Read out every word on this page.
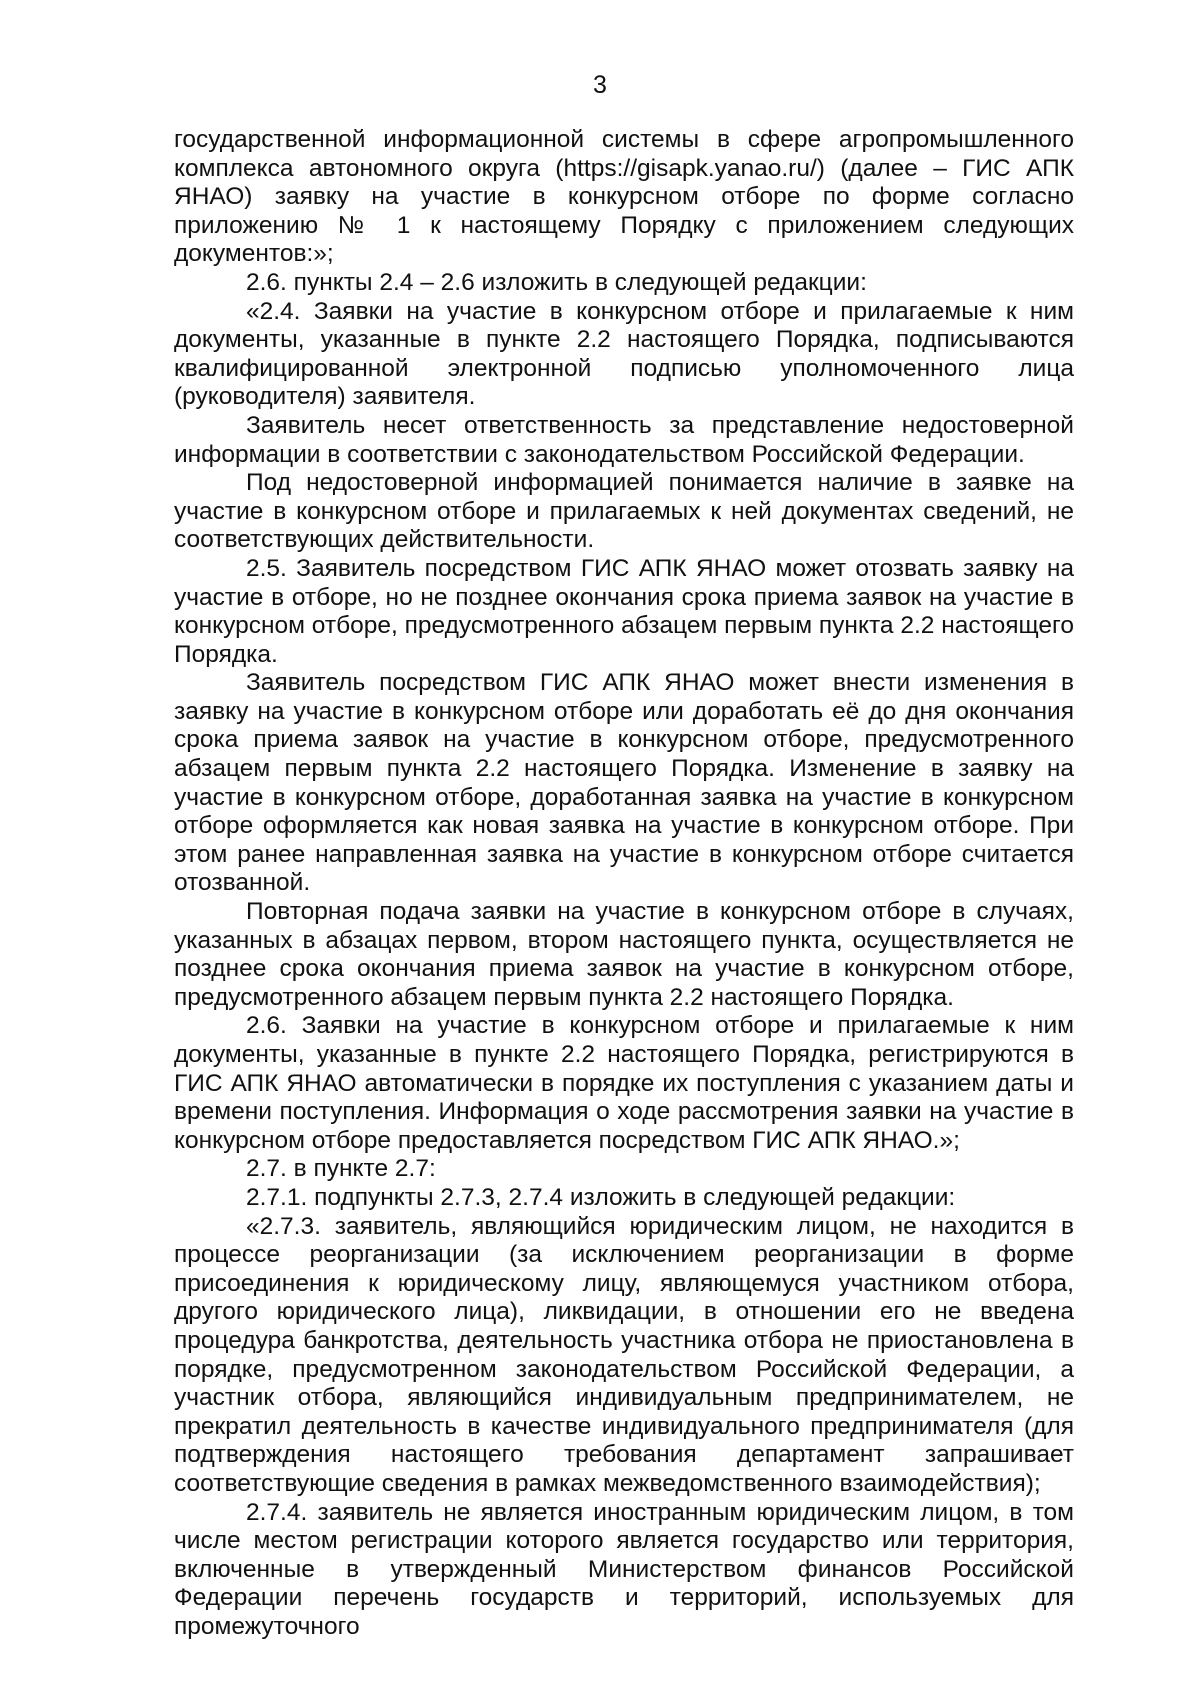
3

государственной информационной системы в сфере агропромышленного комплекса автономного округа (https://gisapk.yanao.ru/) (далее – ГИС АПК ЯНАО) заявку на участие в конкурсном отборе по форме согласно приложению № 1 к настоящему Порядку с приложением следующих документов:»;

2.6. пункты 2.4 – 2.6 изложить в следующей редакции:

«2.4. Заявки на участие в конкурсном отборе и прилагаемые к ним документы, указанные в пункте 2.2 настоящего Порядка, подписываются квалифицированной электронной подписью уполномоченного лица (руководителя) заявителя.

Заявитель несет ответственность за представление недостоверной информации в соответствии с законодательством Российской Федерации.

Под недостоверной информацией понимается наличие в заявке на участие в конкурсном отборе и прилагаемых к ней документах сведений, не соответствующих действительности.

2.5. Заявитель посредством ГИС АПК ЯНАО может отозвать заявку на участие в отборе, но не позднее окончания срока приема заявок на участие в конкурсном отборе, предусмотренного абзацем первым пункта 2.2 настоящего Порядка.

Заявитель посредством ГИС АПК ЯНАО может внести изменения в заявку на участие в конкурсном отборе или доработать её до дня окончания срока приема заявок на участие в конкурсном отборе, предусмотренного абзацем первым пункта 2.2 настоящего Порядка. Изменение в заявку на участие в конкурсном отборе, доработанная заявка на участие в конкурсном отборе оформляется как новая заявка на участие в конкурсном отборе. При этом ранее направленная заявка на участие в конкурсном отборе считается отозванной.

Повторная подача заявки на участие в конкурсном отборе в случаях, указанных в абзацах первом, втором настоящего пункта, осуществляется не позднее срока окончания приема заявок на участие в конкурсном отборе, предусмотренного абзацем первым пункта 2.2 настоящего Порядка.

2.6. Заявки на участие в конкурсном отборе и прилагаемые к ним документы, указанные в пункте 2.2 настоящего Порядка, регистрируются в ГИС АПК ЯНАО автоматически в порядке их поступления с указанием даты и времени поступления. Информация о ходе рассмотрения заявки на участие в конкурсном отборе предоставляется посредством ГИС АПК ЯНАО.»;

2.7. в пункте 2.7:

2.7.1. подпункты 2.7.3, 2.7.4 изложить в следующей редакции:

«2.7.3. заявитель, являющийся юридическим лицом, не находится в процессе реорганизации (за исключением реорганизации в форме присоединения к юридическому лицу, являющемуся участником отбора, другого юридического лица), ликвидации, в отношении его не введена процедура банкротства, деятельность участника отбора не приостановлена в порядке, предусмотренном законодательством Российской Федерации, а участник отбора, являющийся индивидуальным предпринимателем, не прекратил деятельность в качестве индивидуального предпринимателя (для подтверждения настоящего требования департамент запрашивает соответствующие сведения в рамках межведомственного взаимодействия);

2.7.4. заявитель не является иностранным юридическим лицом, в том числе местом регистрации которого является государство или территория, включенные в утвержденный Министерством финансов Российской Федерации перечень государств и территорий, используемых для промежуточного
